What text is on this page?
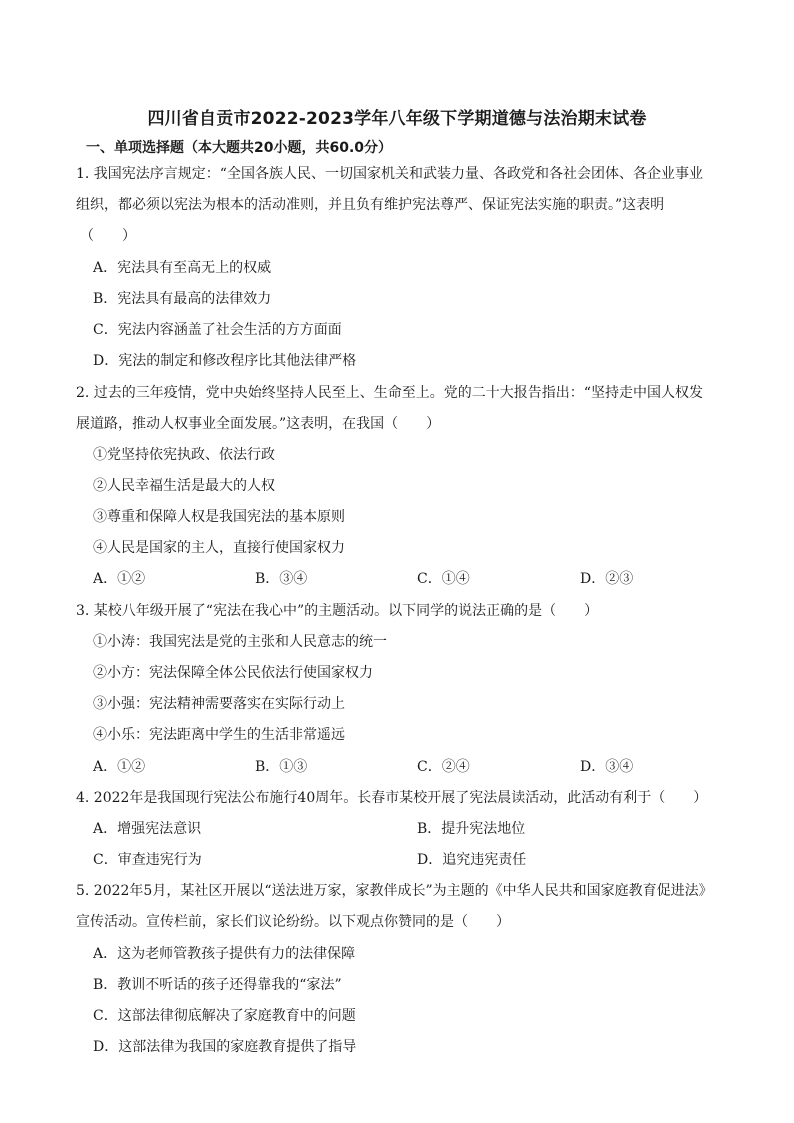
四川省自贡市2022-2023学年八年级下学期道德与法治期末试卷
一、单项选择题（本大题共20小题，共60.0分）
1. 我国宪法序言规定：“全国各族人民、一切国家机关和武装力量、各政党和各社会团体、各企业事业
组织，都必须以宪法为根本的活动准则，并且负有维护宪法尊严、保证宪法实施的职责。”这表明
（　　）
A．宪法具有至高无上的权威
B．宪法具有最高的法律效力
C．宪法内容涵盖了社会生活的方方面面
D．宪法的制定和修改程序比其他法律严格
2. 过去的三年疫情，党中央始终坚持人民至上、生命至上。党的二十大报告指出：“坚持走中国人权发
展道路，推动人权事业全面发展。”这表明，在我国（　　）
①党坚持依宪执政、依法行政
②人民幸福生活是最大的人权
③尊重和保障人权是我国宪法的基本原则
④人民是国家的主人，直接行使国家权力
A．①②	B．③④	C．①④	D．②③
3. 某校八年级开展了“宪法在我心中”的主题活动。以下同学的说法正确的是（　　）
①小涛：我国宪法是党的主张和人民意志的统一
②小方：宪法保障全体公民依法行使国家权力
③小强：宪法精神需要落实在实际行动上
④小乐：宪法距离中学生的生活非常遥远
A．①②	B．①③	C．②④	D．③④
4. 2022年是我国现行宪法公布施行40周年。长春市某校开展了宪法晨读活动，此活动有利于（　　）
A．增强宪法意识	B．提升宪法地位
C．审查违宪行为	D．追究违宪责任
5. 2022年5月，某社区开展以“送法进万家，家教伴成长”为主题的《中华人民共和国家庭教育促进法》
宣传活动。宣传栏前，家长们议论纷纷。以下观点你赞同的是（　　）
A．这为老师管教孩子提供有力的法律保障
B．教训不听话的孩子还得靠我的“家法”
C．这部法律彻底解决了家庭教育中的问题
D．这部法律为我国的家庭教育提供了指导
